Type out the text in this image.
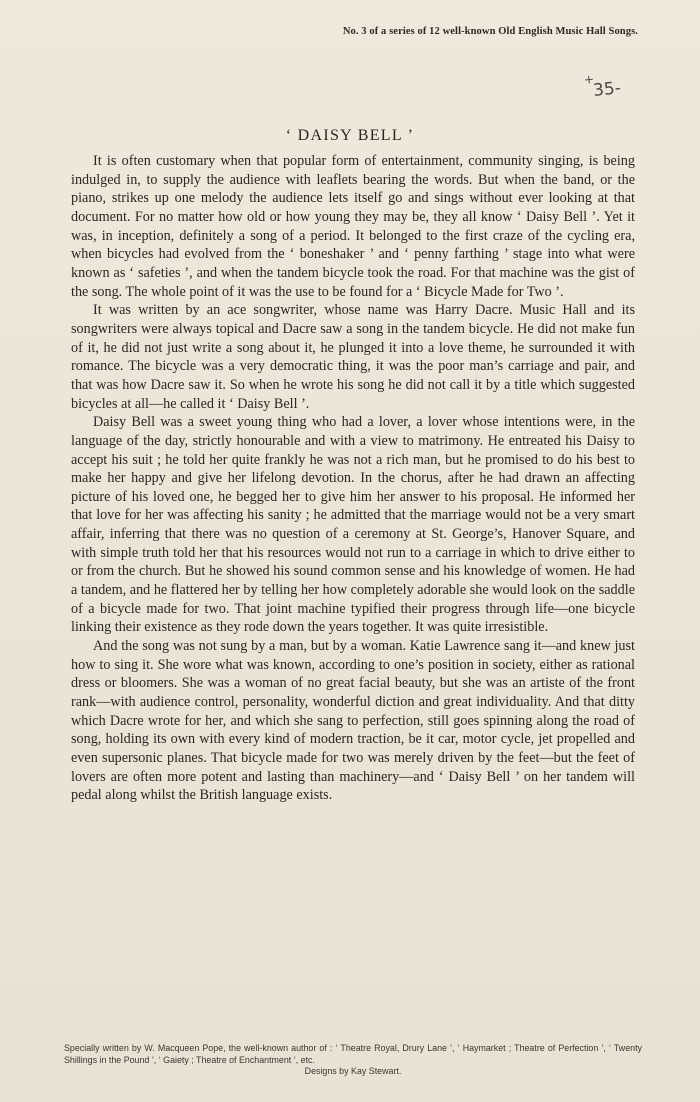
No. 3 of a series of 12 well-known Old English Music Hall Songs.
+
35-
‘ DAISY BELL ’

It is often customary when that popular form of entertainment, community singing, is being indulged in, to supply the audience with leaflets bearing the words. But when the band, or the piano, strikes up one melody the audience lets itself go and sings without ever looking at that document. For no matter how old or how young they may be, they all know ‘ Daisy Bell ’. Yet it was, in inception, definitely a song of a period. It belonged to the first craze of the cycling era, when bicycles had evolved from the ‘ boneshaker ’ and ‘ penny farthing ’ stage into what were known as ‘ safeties ’, and when the tandem bicycle took the road. For that machine was the gist of the song. The whole point of it was the use to be found for a ‘ Bicycle Made for Two ’.

It was written by an ace songwriter, whose name was Harry Dacre. Music Hall and its songwriters were always topical and Dacre saw a song in the tandem bicycle. He did not make fun of it, he did not just write a song about it, he plunged it into a love theme, he surrounded it with romance. The bicycle was a very democratic thing, it was the poor man’s carriage and pair, and that was how Dacre saw it. So when he wrote his song he did not call it by a title which suggested bicycles at all—he called it ‘ Daisy Bell ’.

Daisy Bell was a sweet young thing who had a lover, a lover whose intentions were, in the language of the day, strictly honourable and with a view to matrimony. He entreated his Daisy to accept his suit ; he told her quite frankly he was not a rich man, but he promised to do his best to make her happy and give her lifelong devotion. In the chorus, after he had drawn an affecting picture of his loved one, he begged her to give him her answer to his proposal. He informed her that love for her was affecting his sanity ; he admitted that the marriage would not be a very smart affair, inferring that there was no question of a ceremony at St. George’s, Hanover Square, and with simple truth told her that his resources would not run to a carriage in which to drive either to or from the church. But he showed his sound common sense and his knowledge of women. He had a tandem, and he flattered her by telling her how completely adorable she would look on the saddle of a bicycle made for two. That joint machine typified their progress through life—one bicycle linking their existence as they rode down the years together. It was quite irresistible.

And the song was not sung by a man, but by a woman. Katie Lawrence sang it—and knew just how to sing it. She wore what was known, according to one’s position in society, either as rational dress or bloomers. She was a woman of no great facial beauty, but she was an artiste of the front rank—with audience control, personality, wonderful diction and great individuality. And that ditty which Dacre wrote for her, and which she sang to perfection, still goes spinning along the road of song, holding its own with every kind of modern traction, be it car, motor cycle, jet propelled and even supersonic planes. That bicycle made for two was merely driven by the feet—but the feet of lovers are often more potent and lasting than machinery—and ‘ Daisy Bell ’ on her tandem will pedal along whilst the British language exists.

Specially written by W. Macqueen Pope, the well-known author of : ‘ Theatre Royal, Drury Lane ’, ‘ Haymarket ; Theatre of Perfection ’, ‘ Twenty Shillings in the Pound ’, ‘ Gaiety ; Theatre of Enchantment ’, etc.
Designs by Kay Stewart.
